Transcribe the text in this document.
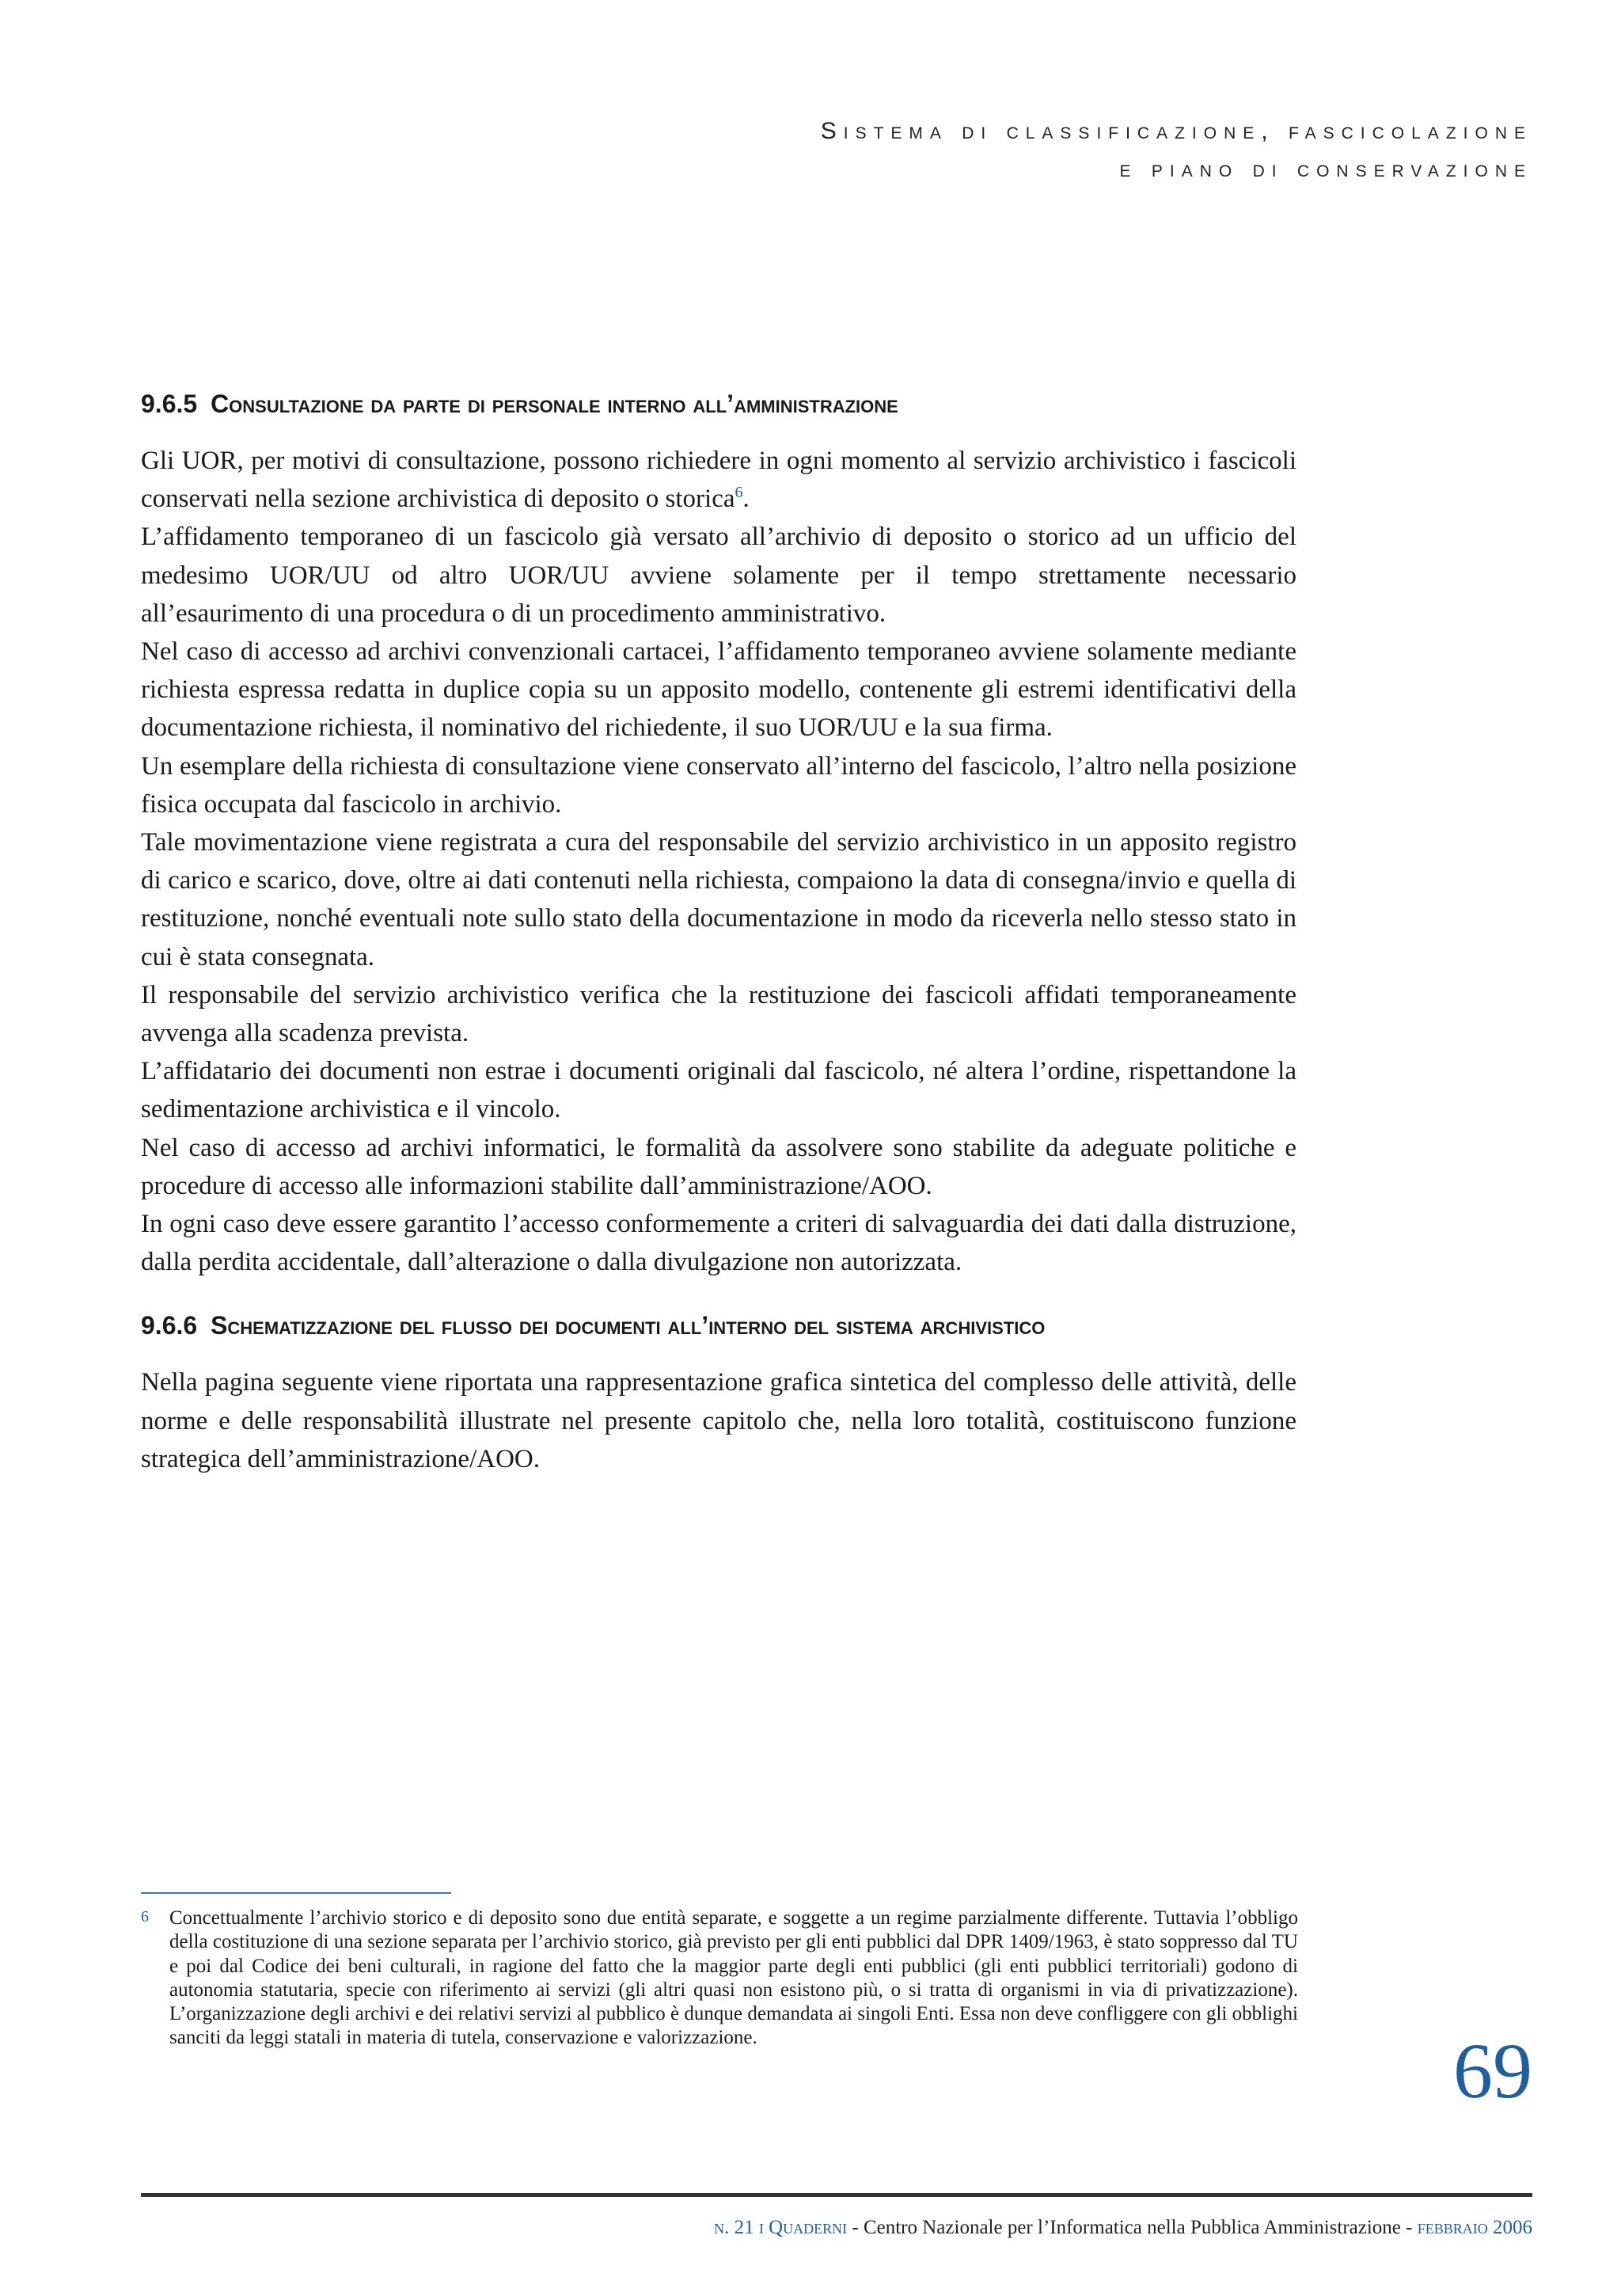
Sistema di classificazione, fascicolazione
e piano di conservazione
9.6.5 Consultazione da parte di personale interno all’amministrazione

Gli UOR, per motivi di consultazione, possono richiedere in ogni momento al servizio archivistico i fascicoli conservati nella sezione archivistica di deposito o storica$^6$.

L’affidamento temporaneo di un fascicolo già versato all’archivio di deposito o storico ad un ufficio del medesimo UOR/UU od altro UOR/UU avviene solamente per il tempo strettamente necessario all’esaurimento di una procedura o di un procedimento amministrativo.

Nel caso di accesso ad archivi convenzionali cartacei, l’affidamento temporaneo avviene solamente mediante richiesta espressa redatta in duplice copia su un apposito modello, contenente gli estremi identificativi della documentazione richiesta, il nominativo del richiedente, il suo UOR/UU e la sua firma.

Un esemplare della richiesta di consultazione viene conservato all’interno del fascicolo, l’altro nella posizione fisica occupata dal fascicolo in archivio.

Tale movimentazione viene registrata a cura del responsabile del servizio archivistico in un apposito registro di carico e scarico, dove, oltre ai dati contenuti nella richiesta, compaiono la data di consegna/invio e quella di restituzione, nonché eventuali note sullo stato della documentazione in modo da riceverla nello stesso stato in cui è stata consegnata.

Il responsabile del servizio archivistico verifica che la restituzione dei fascicoli affidati temporaneamente avvenga alla scadenza prevista.

L’affidatario dei documenti non estrae i documenti originali dal fascicolo, né altera l’ordine, rispettandone la sedimentazione archivistica e il vincolo.

Nel caso di accesso ad archivi informatici, le formalità da assolvere sono stabilite da adeguate politiche e procedure di accesso alle informazioni stabilite dall’amministrazione/AOO.

In ogni caso deve essere garantito l’accesso conformemente a criteri di salvaguardia dei dati dalla distruzione, dalla perdita accidentale, dall’alterazione o dalla divulgazione non autorizzata.

9.6.6 Schematizzazione del flusso dei documenti all’interno del sistema archivistico

Nella pagina seguente viene riportata una rappresentazione grafica sintetica del complesso delle attività, delle norme e delle responsabilità illustrate nel presente capitolo che, nella loro totalità, costituiscono funzione strategica dell’amministrazione/AOO.

6 Concettualmente l’archivio storico e di deposito sono due entità separate, e soggette a un regime parzialmente differente. Tuttavia l’obbligo della costituzione di una sezione separata per l’archivio storico, già previsto per gli enti pubblici dal DPR 1409/1963, è stato soppresso dal TU e poi dal Codice dei beni culturali, in ragione del fatto che la maggior parte degli enti pubblici (gli enti pubblici territoriali) godono di autonomia statutaria, specie con riferimento ai servizi (gli altri quasi non esistono più, o si tratta di organismi in via di privatizzazione). L’organizzazione degli archivi e dei relativi servizi al pubblico è dunque demandata ai singoli Enti. Essa non deve confliggere con gli obblighi sanciti da leggi statali in materia di tutela, conservazione e valorizzazione.	69
n. 21 i Quaderni - Centro Nazionale per l’Informatica nella Pubblica Amministrazione - febbraio 2006
